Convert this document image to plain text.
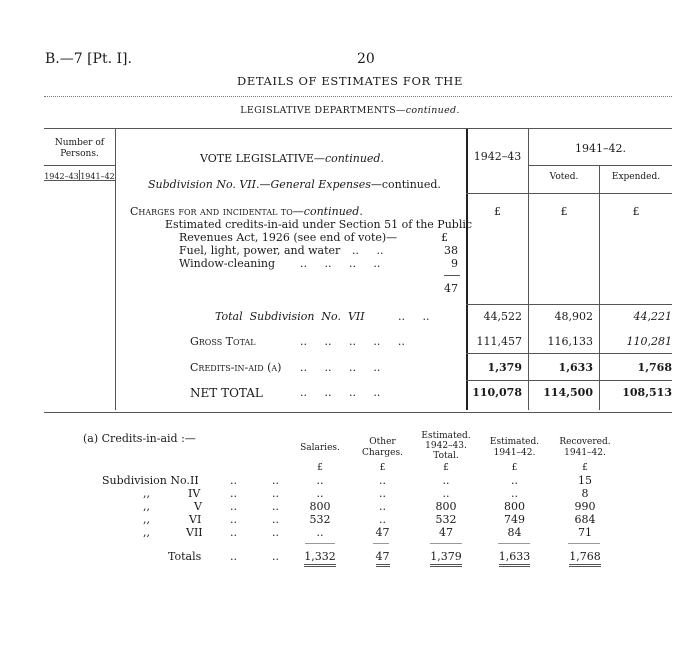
B.—7 [Pt. I].	20
DETAILS OF ESTIMATES FOR THE
LEGISLATIVE DEPARTMENTS—continued.
Number of Persons.
1942–43 1941–42
VOTE LEGISLATIVE—continued.
Subdivision No. VII.—General Expenses—continued.
1942–43
1941–42.
Voted.	Expended.
£	£	£
Charges for and incidental to—continued.
Estimated credits-in-aid under Section 51 of the Public
Revenues Act, 1926 (see end of vote)—	£
Fuel, light, power, and water ..     ..	38
Window-cleaning ..     ..     ..     ..	9
47
Total  Subdivision  No.  VII	..     ..	44,522	48,902	44,221
Gross Total	..     ..     ..     ..     ..	111,457	116,133	110,281
Credits-in-aid (a) ..     ..     ..     ..	1,379	1,633	1,768
NET TOTAL	..     ..     ..     ..	110,078	114,500	108,513
(a) Credits-in-aid :—
Salaries.
Other
Charges.
Estimated.
1942–43.
Total.
Estimated.
1941–42.
Recovered.
1941–42.
£	£	£	£	£
Subdivision No. II	..          ..	..	..	..	..	15
,,	IV	..          ..	..	..	..	..	8
,,	V	..          ..	800	..	800	800	990
,,	VI	..          ..	532	..	532	749	684
,,	VII ..          ..	..	47	47	84	71
Totals	..          ..	1,332	47	1,379	1,633	1,768
